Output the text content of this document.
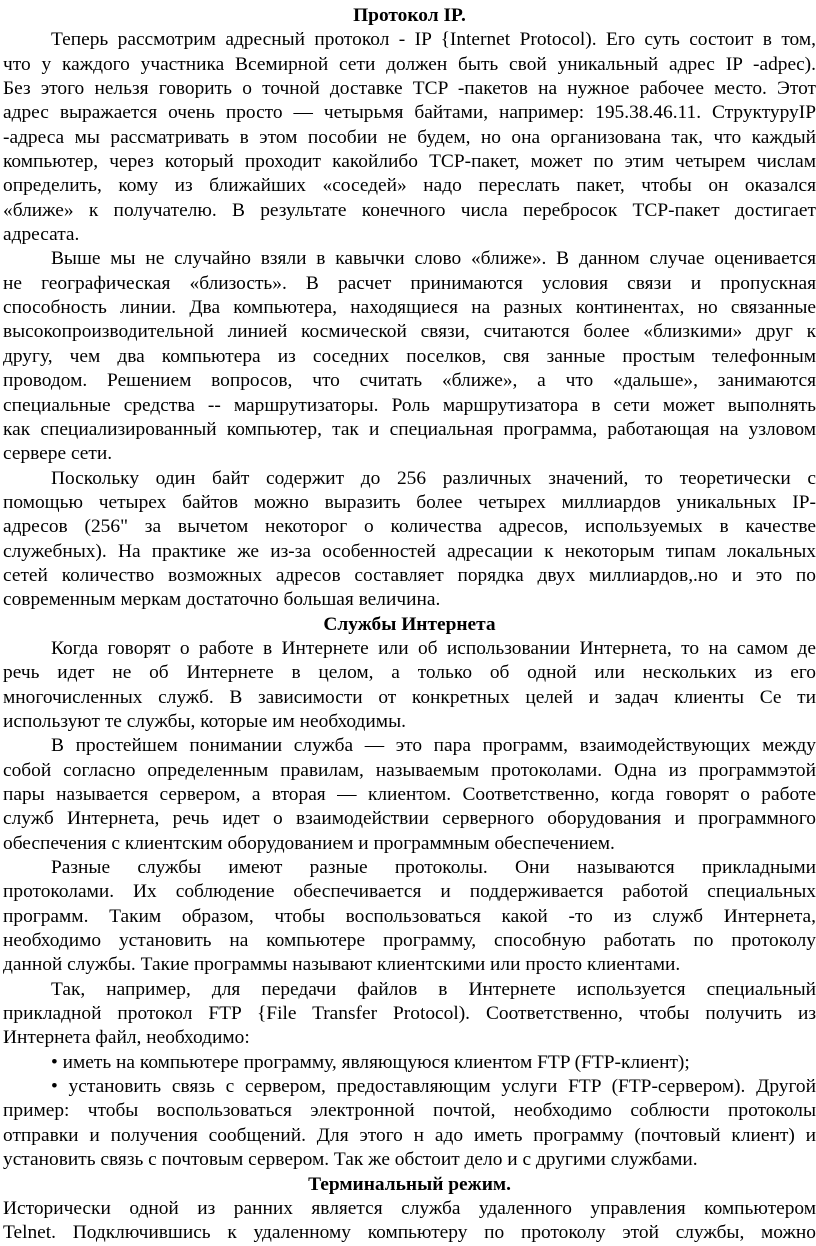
Протокол IP.

Теперь рассмотрим адресный протокол - IP {Internet Protocol). Его суть состоит в том,
что у каждого участника Всемирной сети должен быть свой уникальный адрес IP -adpec).
Без этого нельзя говорить о точной доставке TCP -пакетов на нужное рабочее место. Этот
адрес выражается очень просто — четырьмя байтами, например: 195.38.46.11. СтруктуруIP
-адреса мы рассматривать в этом пособии не будем, но она организована так, что каждый
компьютер, через который проходит какойлибо TCP-пакет, может по этим четырем числам
определить, кому из ближайших «соседей» надо переслать пакет, чтобы он оказался
«ближе» к получателю. В результате конечного числа переброcок TCP-пакет достигает
адресата.

Выше мы не случайно взяли в кавычки слово «ближе». В данном случае оценивается
не географическая «близость». В расчет принимаются условия связи и пропускная
способность линии. Два компьютера, находящиеся на разных континентах, но связанные
высокопроизводительной линией космической связи, считаются более «близкими» друг к
другу, чем два компьютера из соседних поселков, свя занные простым телефонным
проводом. Решением вопросов, что считать «ближе», а что «дальше», занимаются
специальные средства -- маршрутизаторы. Роль маршрутизатора в сети может выполнять
как специализированный компьютер, так и специальная программа, работающая на узловом
сервере сети.

Поскольку один байт содержит до 256 различных значений, то теоретически с
помощью четырех байтов можно выразить более четырех миллиардов уникальных IP-
адресов (256" за вычетом некоторог о количества адресов, используемых в качестве
служебных). На практике же из-за особенностей адресации к некоторым типам локальных
сетей количество возможных адресов составляет порядка двух миллиардов,.но и это по
современным меркам достаточно большая величина.

Службы Интернета

Когда говорят о работе в Интернете или об использовании Интернета, то на самом де
речь идет не об Интернете в целом, а только об одной или нескольких из его
многочисленных служб. В зависимости от конкретных целей и задач клиенты Се ти
используют те службы, которые им необходимы.

В простейшем понимании служба — это пара программ, взаимодействующих между
собой согласно определенным правилам, называемым протоколами. Одна из программэтой
пары называется сервером, а вторая — клиентом. Соответственно, когда говорят о работе
служб Интернета, речь идет о взаимодействии серверного оборудования и программного
обеспечения с клиентским оборудованием и программным обеспечением.

Разные службы имеют разные протоколы. Они называются прикладными
протоколами. Их соблюдение обеспечивается и поддерживается работой специальных
программ. Таким образом, чтобы воспользоваться какой -то из служб Интернета,
необходимо установить на компьютере программу, способную работать по протоколу
данной службы. Такие программы называют клиентскими или просто клиентами.

Так, например, для передачи файлов в Интернете используется специальный
прикладной протокол FTP {File Transfer Protocol). Соответственно, чтобы получить из
Интернета файл, необходимо:

• иметь на компьютере программу, являющуюся клиентом FTP (FTP-клиент);

• установить связь с сервером, предоставляющим услуги FTP (FTP-сервером). Другой
пример: чтобы воспользоваться электронной почтой, необходимо соблюсти протоколы
отправки и получения сообщений. Для этого н адо иметь программу (почтовый клиент) и
установить связь с почтовым сервером. Так же обстоит дело и с другими службами.

Терминальный режим.

Исторически одной из ранних является служба удаленного управления компьютером
Telnet. Подключившись к удаленному компьютеру по протоколу этой службы, можно
